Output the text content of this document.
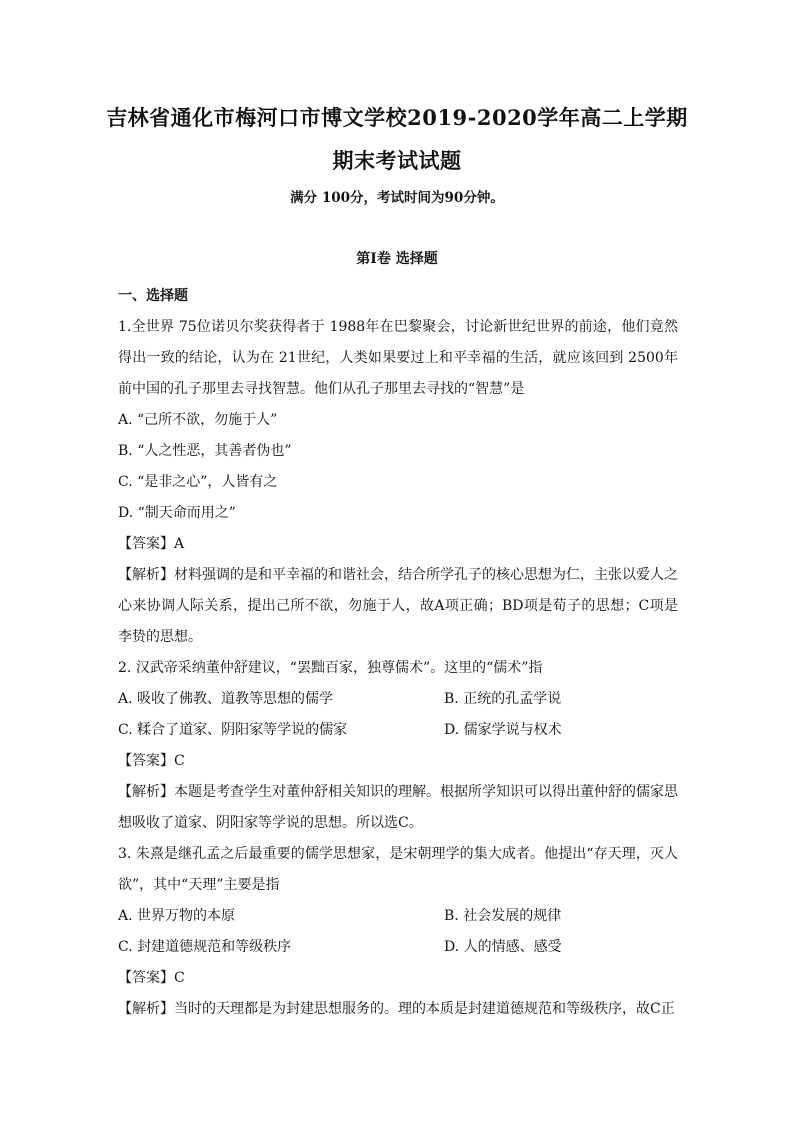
吉林省通化市梅河口市博文学校2019-2020学年高二上学期
期末考试试题

满分 100分，考试时间为90分钟。

第Ⅰ卷 选择题

一、选择题

1.全世界 75位诺贝尔奖获得者于 1988年在巴黎聚会，讨论新世纪世界的前途，他们竟然得出一致的结论，认为在 21世纪，人类如果要过上和平幸福的生活，就应该回到 2500年前中国的孔子那里去寻找智慧。他们从孔子那里去寻找的“智慧”是

A. “己所不欲，勿施于人”

B. “人之性恶，其善者伪也”

C. “是非之心”，人皆有之

D. “制天命而用之”

【答案】A

【解析】材料强调的是和平幸福的和谐社会，结合所学孔子的核心思想为仁，主张以爱人之心来协调人际关系，提出己所不欲，勿施于人，故A项正确；BD项是荀子的思想；C项是李贽的思想。

2. 汉武帝采纳董仲舒建议，“罢黜百家，独尊儒术”。这里的“儒术”指

A. 吸收了佛教、道教等思想的儒学	B. 正统的孔孟学说
C. 糅合了道家、阴阳家等学说的儒家	D. 儒家学说与权术

【答案】C

【解析】本题是考查学生对董仲舒相关知识的理解。根据所学知识可以得出董仲舒的儒家思想吸收了道家、阴阳家等学说的思想。所以选C。

3. 朱熹是继孔孟之后最重要的儒学思想家，是宋朝理学的集大成者。他提出“存天理，灭人欲”，其中“天理”主要是指

A. 世界万物的本原	B. 社会发展的规律
C. 封建道德规范和等级秩序	D. 人的情感、感受

【答案】C

【解析】当时的天理都是为封建思想服务的。理的本质是封建道德规范和等级秩序，故C正
